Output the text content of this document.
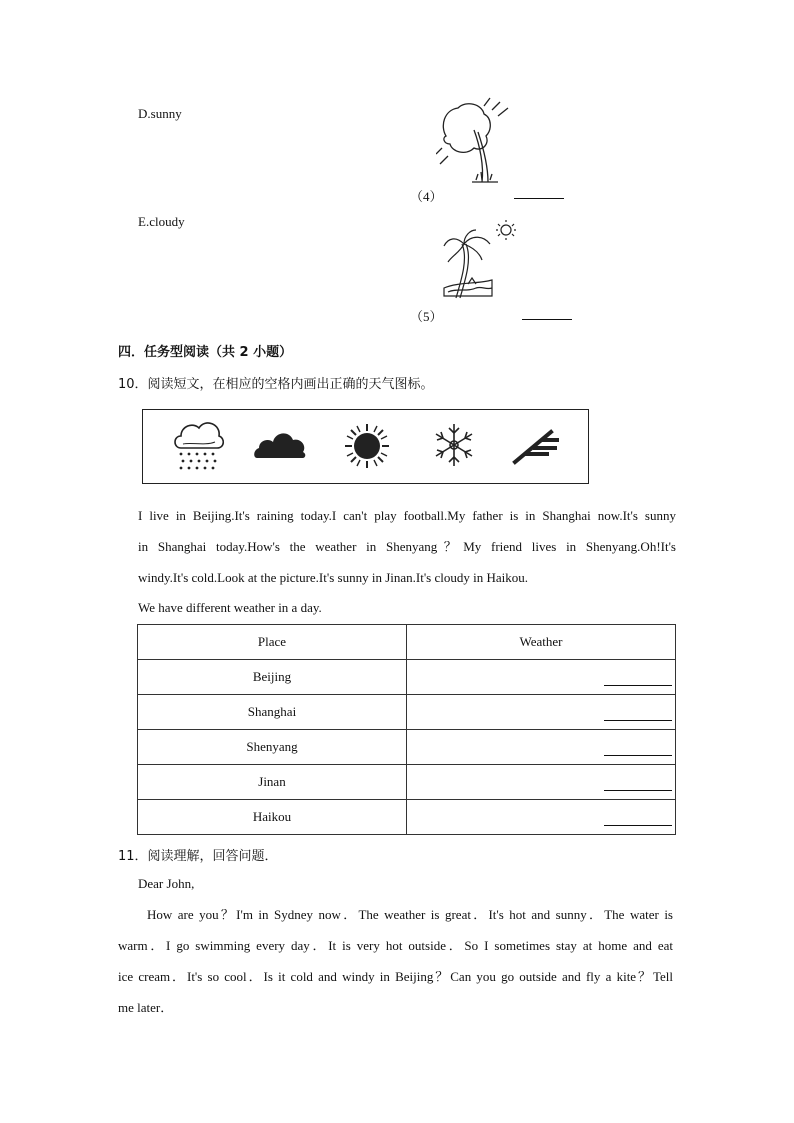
D.sunny
E.cloudy
（4）
（5）
四．任务型阅读（共 2 小题）
10．阅读短文，在相应的空格内画出正确的天气图标。
I live in Beijing.It's raining today.I can't play football.My father is in Shanghai now.It's sunny
in Shanghai today.How's the weather in Shenyang？My friend lives in Shenyang.Oh!It's
windy.It's cold.Look at the picture.It's sunny in Jinan.It's cloudy in Haikou.
We have different weather in a day.
Place	Weather
Beijing	

Shanghai	

Shenyang	

Jinan	

Haikou	
11．阅读理解，回答问题．
Dear John,
How are you？I'm in Sydney now．The weather is great．It's hot and sunny．The water is
warm．I go swimming every day．It is very hot outside．So I sometimes stay at home and eat
ice cream．It's so cool．Is it cold and windy in Beijing？Can you go outside and fly a kite？Tell
me later．
